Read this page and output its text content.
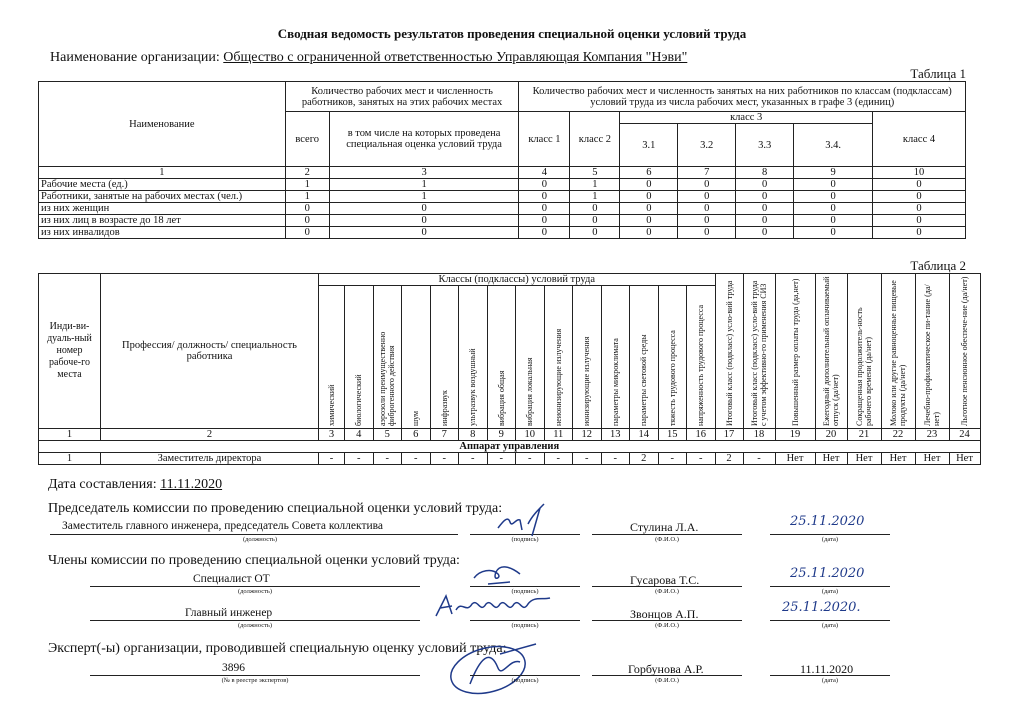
Сводная ведомость результатов проведения специальной оценки условий труда
Наименование организации: Общество с ограниченной ответственностью Управляющая Компания "Нэви"
Таблица 1
Наименование	Количество рабочих мест и численность работников, занятых на этих рабочих местах		Количество рабочих мест и численность занятых на них работников по классам (подклассам) условий труда из числа рабочих мест, указанных в графе 3 (единиц)						
	всего	в том числе на которых проведена специальная оценка условий труда	класс 1	класс 2	класс 3				класс 4
					3.1	3.2	3.3	3.4.	
1	2	3	4	5	6	7	8	9	10
Рабочие места (ед.)	1	1	0	1	0	0	0	0	0
Работники, занятые на рабочих местах (чел.)	1	1	0	1	0	0	0	0	0
из них женщин	0	0	0	0	0	0	0	0	0
из них лиц в возрасте до 18 лет	0	0	0	0	0	0	0	0	0
из них инвалидов	0	0	0	0	0	0	0	0	0
Таблица 2
Инди-ви-дуаль-ный номер рабоче-го места	Профессия/ должность/ специальность работника	Классы (подклассы) условий труда														Итоговый класс (подкласс) усло-вий труда	Итоговый класс (подкласс) усло-вий труда с учетом эффективно-го применения СИЗ	Повышенный размер оплаты труда (да,нет)	Ежегодный дополнительный оплачиваемый отпуск (да/нет)	Сокращенная продолжитель-ность рабочего времени (да/нет)	Молоко или другие равноценные пищевые продукты (да/нет)	Лечебно-профилактическое пи-тание (да/нет)	Льготное пенсионное обеспече-ние (да/нет)

		химический	биологический	аэрозоли преимущественно фиброгенного действия	шум	инфразвук	ультразвук воздушный	вибрация общая	вибрация локальная	неионизирующие излучения	ионизирующие излучения	параметры микроклимата	параметры световой среды	тяжесть трудового процесса	напряженность трудового процесса								

1	2	3	4	5	6	7	8	9	10	11	12	13	14	15	16	17	18	19	20	21	22	23	24
Аппарат управления																							
1	Заместитель директора	-	-	-	-	-	-	-	-	-	-	-	2	-	-	2	-	Нет	Нет	Нет	Нет	Нет	Нет
Дата составления: 11.11.2020
Председатель комиссии по проведению специальной оценки условий труда:
Заместитель главного инженера, председатель Совета коллектива
(должность)	(подпись)
Стулина Л.А.
(Ф.И.О.)
25.11.2020
(дата)
Члены комиссии по проведению специальной оценки условий труда:
Специалист ОТ
(должность)	(подпись)
Гусарова Т.С.
(Ф.И.О.)
25.11.2020
(дата)
Главный инженер
(должность)	(подпись)
Звонцов А.П.
(Ф.И.О.)
25.11.2020.
(дата)
Эксперт(-ы) организации, проводившей специальную оценку условий труда:
3896
(№ в реестре экспертов)	(подпись)
Горбунова А.Р.
(Ф.И.О.)
11.11.2020
(дата)
